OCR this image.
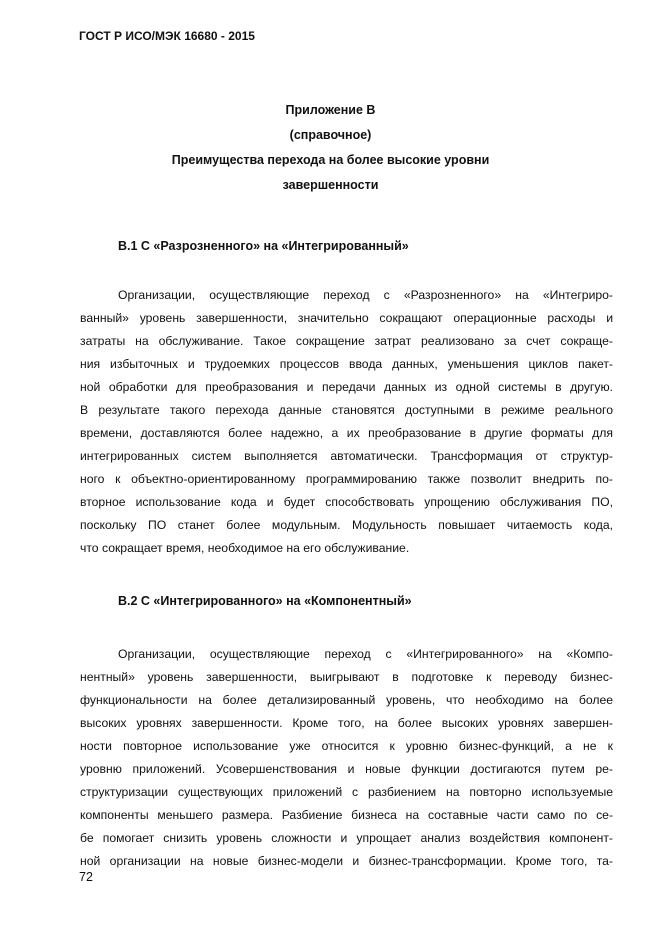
ГОСТ Р ИСО/МЭК 16680 - 2015
Приложение В
(справочное)
Преимущества перехода на более высокие уровни
завершенности
В.1 С «Разрозненного» на «Интегрированный»
Организации, осуществляющие переход с «Разрозненного» на «Интегриро-
ванный» уровень завершенности, значительно сокращают операционные расходы и
затраты на обслуживание. Такое сокращение затрат реализовано за счет сокраще-
ния избыточных и трудоемких процессов ввода данных, уменьшения циклов пакет-
ной обработки для преобразования и передачи данных из одной системы в другую.
В результате такого перехода данные становятся доступными в режиме реального
времени, доставляются более надежно, а их преобразование в другие форматы для
интегрированных систем выполняется автоматически. Трансформация от структур-
ного к объектно-ориентированному программированию также позволит внедрить по-
вторное использование кода и будет способствовать упрощению обслуживания ПО,
поскольку ПО станет более модульным. Модульность повышает читаемость кода,
что сокращает время, необходимое на его обслуживание.
В.2 С «Интегрированного» на «Компонентный»
Организации, осуществляющие переход с «Интегрированного» на «Компо-
нентный» уровень завершенности, выигрывают в подготовке к переводу бизнес-
функциональности на более детализированный уровень, что необходимо на более
высоких уровнях завершенности. Кроме того, на более высоких уровнях завершен-
ности повторное использование уже относится к уровню бизнес-функций, а не к
уровню приложений. Усовершенствования и новые функции достигаются путем ре-
структуризации существующих приложений с разбиением на повторно используемые
компоненты меньшего размера. Разбиение бизнеса на составные части само по се-
бе помогает снизить уровень сложности и упрощает анализ воздействия компонент-
ной организации на новые бизнес-модели и бизнес-трансформации. Кроме того, та-
72
